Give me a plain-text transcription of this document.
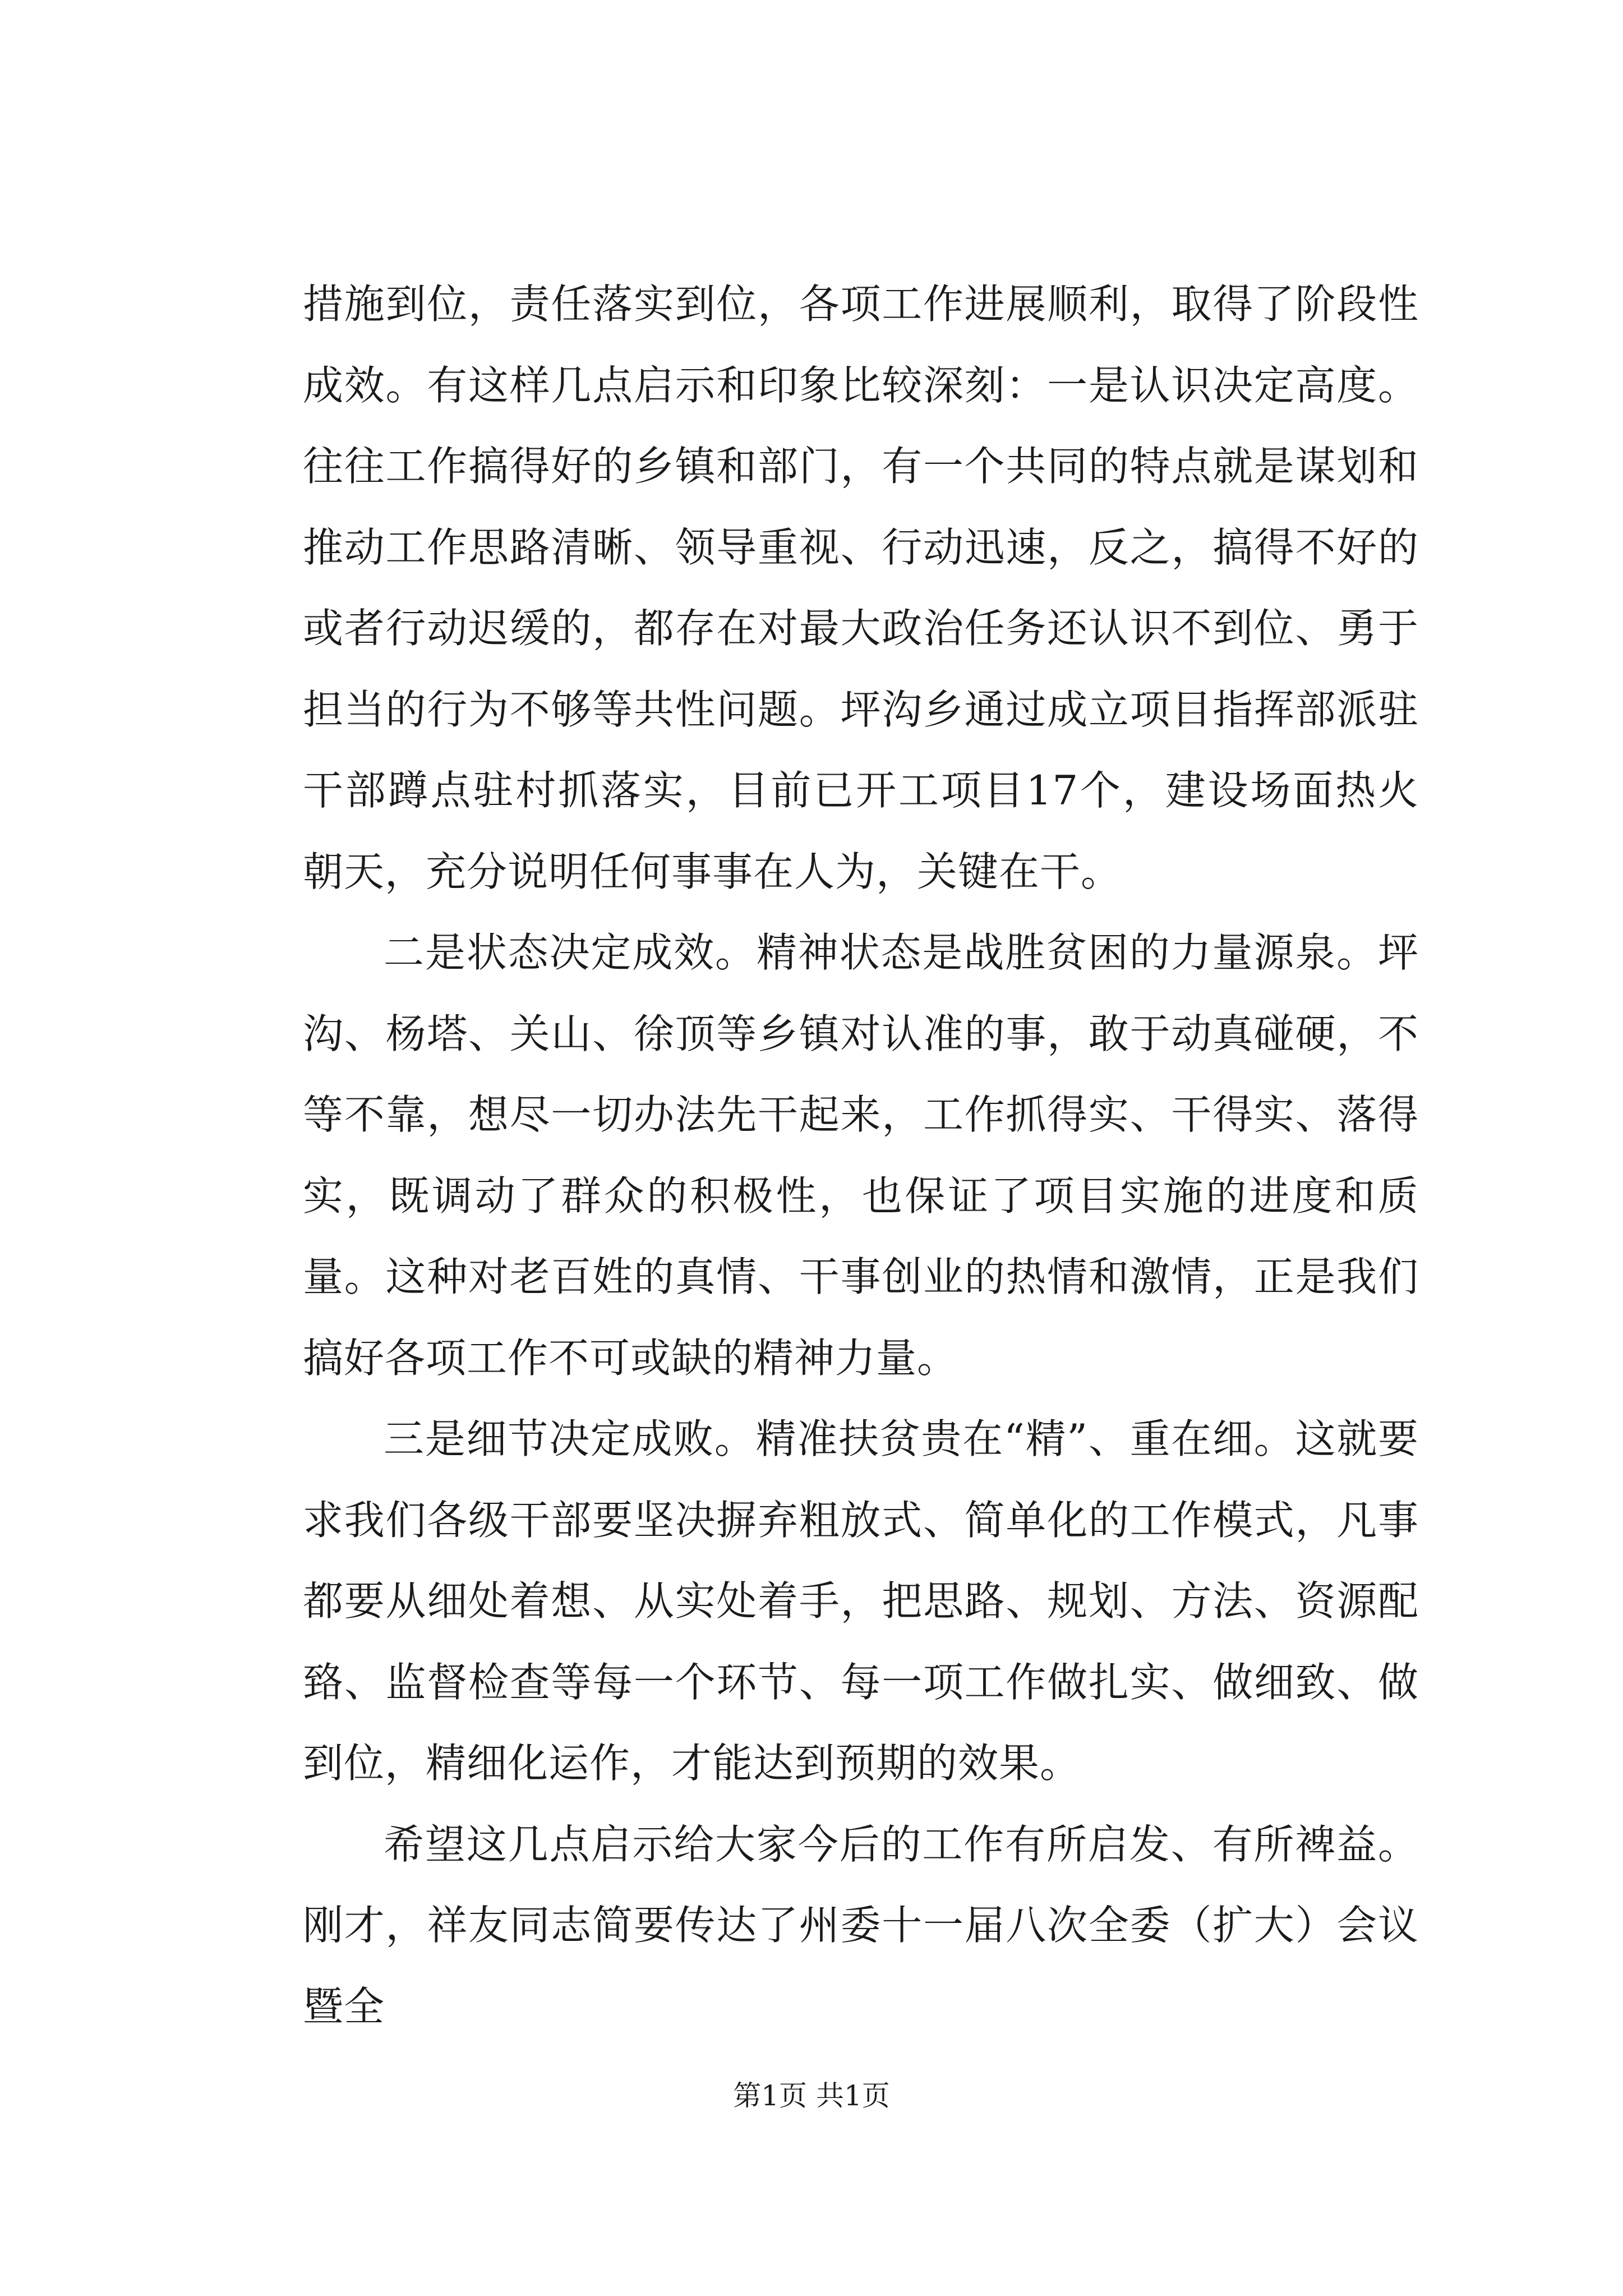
措施到位，责任落实到位，各项工作进展顺利，取得了阶段性成效。有这样几点启示和印象比较深刻：一是认识决定高度。往往工作搞得好的乡镇和部门，有一个共同的特点就是谋划和推动工作思路清晰、领导重视、行动迅速，反之，搞得不好的或者行动迟缓的，都存在对最大政治任务还认识不到位、勇于担当的行为不够等共性问题。坪沟乡通过成立项目指挥部派驻干部蹲点驻村抓落实，目前已开工项目17个，建设场面热火朝天，充分说明任何事事在人为，关键在干。

二是状态决定成效。精神状态是战胜贫困的力量源泉。坪沟、杨塔、关山、徐顶等乡镇对认准的事，敢于动真碰硬，不等不靠，想尽一切办法先干起来，工作抓得实、干得实、落得实，既调动了群众的积极性，也保证了项目实施的进度和质量。这种对老百姓的真情、干事创业的热情和激情，正是我们搞好各项工作不可或缺的精神力量。

三是细节决定成败。精准扶贫贵在“精”、重在细。这就要求我们各级干部要坚决摒弃粗放式、简单化的工作模式，凡事都要从细处着想、从实处着手，把思路、规划、方法、资源配臵、监督检查等每一个环节、每一项工作做扎实、做细致、做到位，精细化运作，才能达到预期的效果。

希望这几点启示给大家今后的工作有所启发、有所裨益。刚才，祥友同志简要传达了州委十一届八次全委（扩大）会议暨全

第1页 共1页
